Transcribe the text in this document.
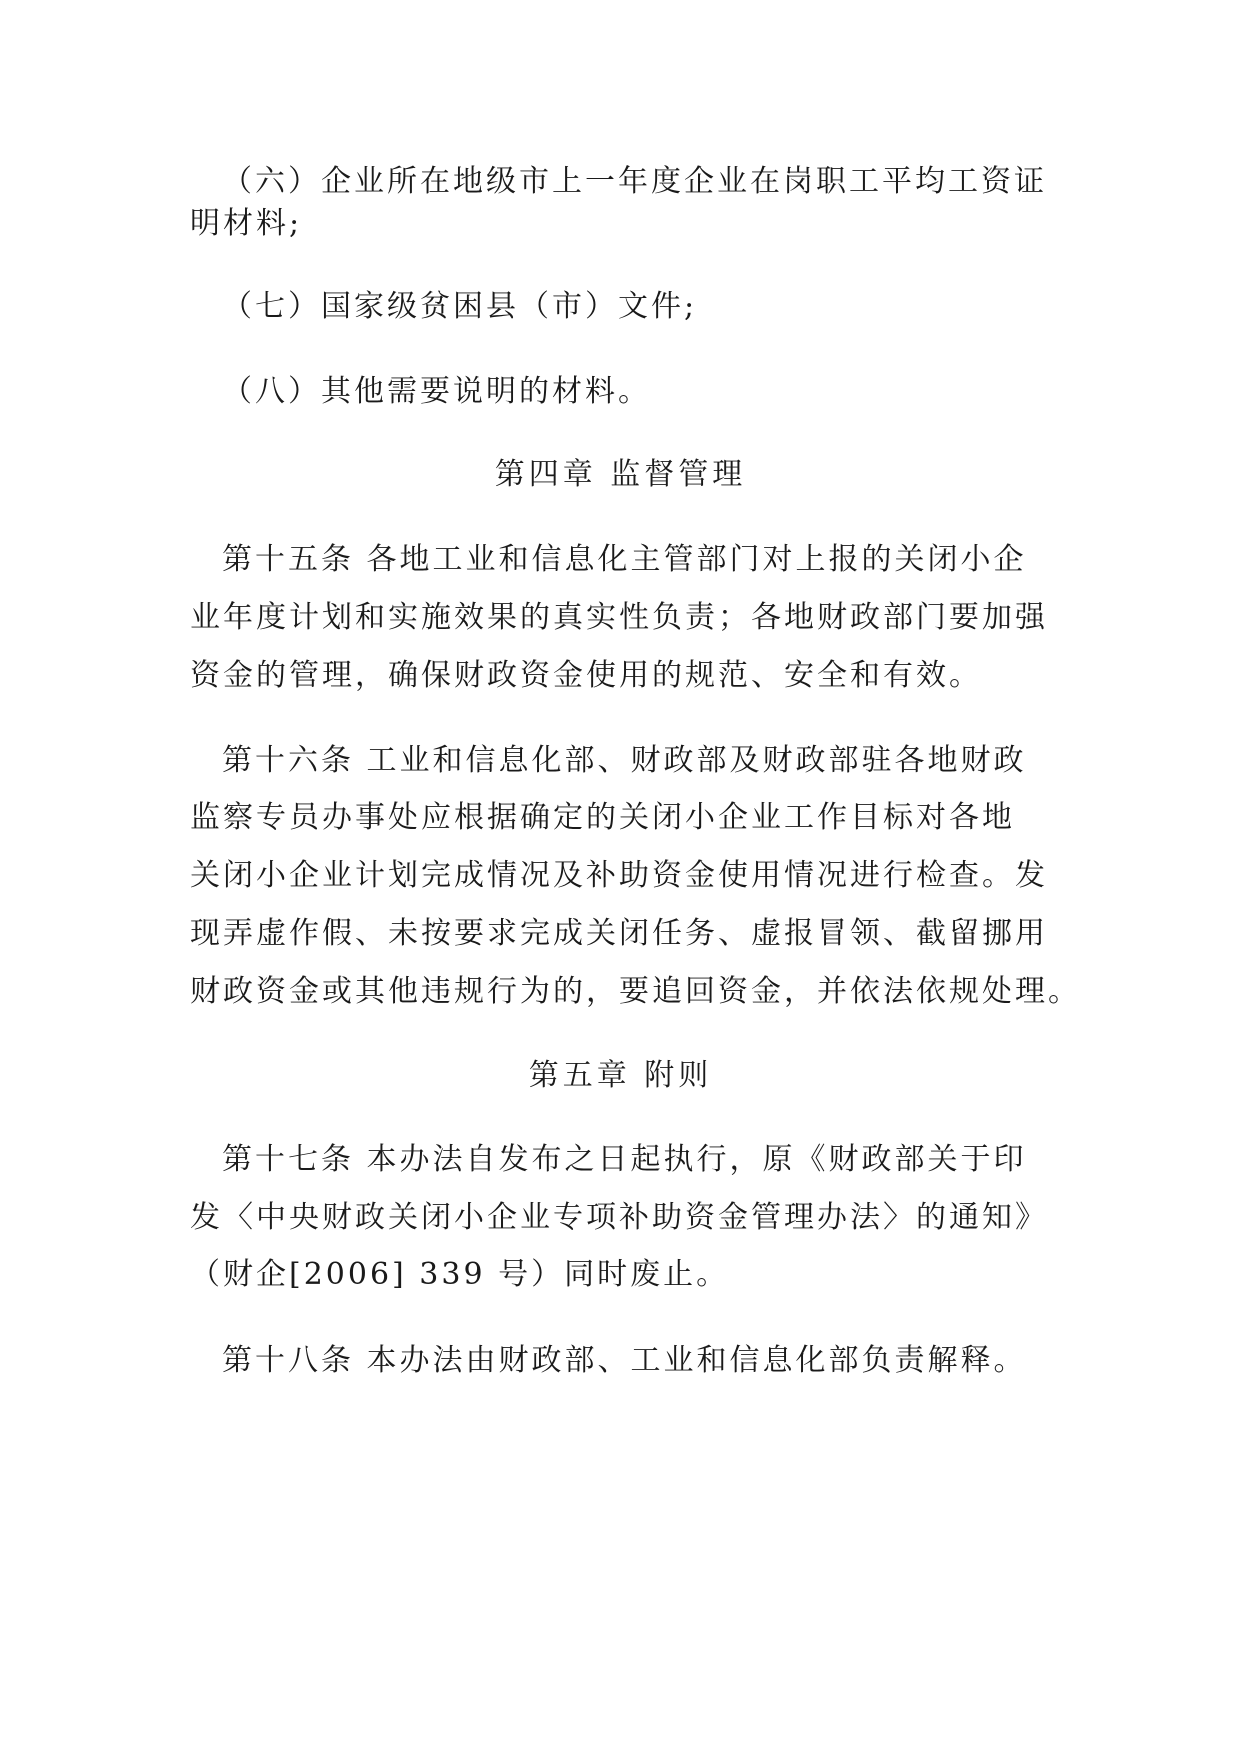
（六）企业所在地级市上一年度企业在岗职工平均工资证
明材料;
（七）国家级贫困县（市）文件;
（八）其他需要说明的材料。
第四章 监督管理
第十五条 各地工业和信息化主管部门对上报的关闭小企
业年度计划和实施效果的真实性负责；各地财政部门要加强
资金的管理，确保财政资金使用的规范、安全和有效。
第十六条 工业和信息化部、财政部及财政部驻各地财政
监察专员办事处应根据确定的关闭小企业工作目标对各地
关闭小企业计划完成情况及补助资金使用情况进行检查。发
现弄虚作假、未按要求完成关闭任务、虚报冒领、截留挪用
财政资金或其他违规行为的，要追回资金，并依法依规处理。
第五章 附则
第十七条 本办法自发布之日起执行，原《财政部关于印
发〈中央财政关闭小企业专项补助资金管理办法〉的通知》
（财企[2006] 339 号）同时废止。
第十八条 本办法由财政部、工业和信息化部负责解释。
